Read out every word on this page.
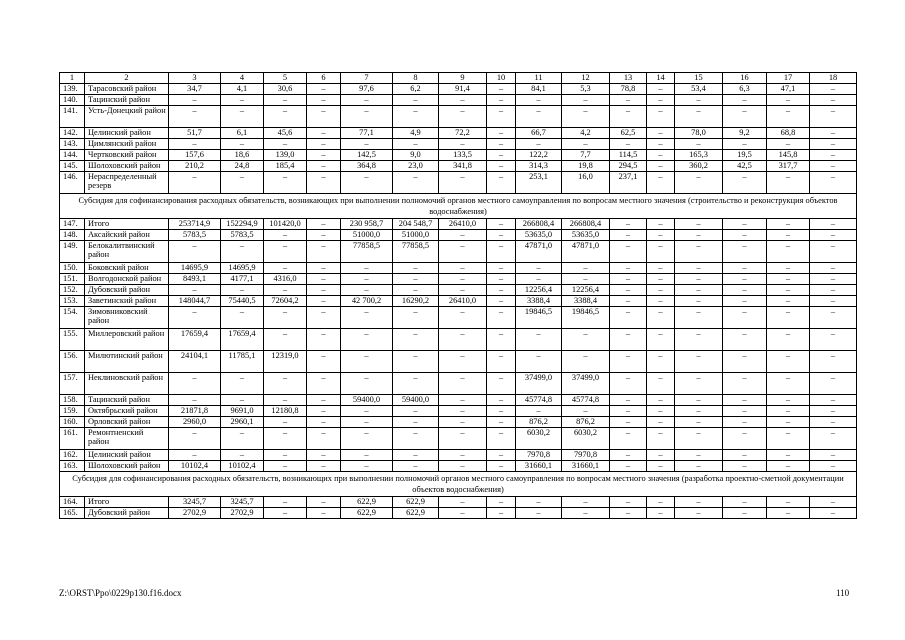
1	2	3	4	5	6	7	8	9	10	11	12	13	14	15	16	17	18
139.	Тарасовский район	34,7	4,1	30,6	–	97,6	6,2	91,4	–	84,1	5,3	78,8	–	53,4	6,3	47,1	–
140.	Тацинский район	–	–	–	–	–	–	–	–	–	–	–	–	–	–	–	–
141.	Усть-Донецкий район	–	–	–	–	–	–	–	–	–	–	–	–	–	–	–	–
142.	Целинский район	51,7	6,1	45,6	–	77,1	4,9	72,2	–	66,7	4,2	62,5	–	78,0	9,2	68,8	–
143.	Цимлянский район	–	–	–	–	–	–	–	–	–	–	–	–	–	–	–	–
144.	Чертковский район	157,6	18,6	139,0	–	142,5	9,0	133,5	–	122,2	7,7	114,5	–	165,3	19,5	145,8	–
145.	Шолоховский район	210,2	24,8	185,4	–	364,8	23,0	341,8	–	314,3	19,8	294,5	–	360,2	42,5	317,7	–
146.	Нераспределенный резерв	–	–	–	–	–	–	–	–	253,1	16,0	237,1	–	–	–	–	–
Субсидия для софинансирования расходных обязательств, возникающих при выполнении полномочий органов местного самоуправления по вопросам местного значения (строительство и реконструкция объектов водоснабжения)																	
147.	Итого	253714,9	152294,9	101420,0	–	230 958,7	204 548,7	26410,0	–	266808,4	266808,4	–	–	–	–	–	–
148.	Аксайский район	5783,5	5783,5	–	–	51000,0	51000,0	–	–	53635,0	53635,0	–	–	–	–	–	–
149.	Белокалитвинский район	–	–	–	–	77858,5	77858,5	–	–	47871,0	47871,0	–	–	–	–	–	–
150.	Боковский район	14695,9	14695,9	–	–	–	–	–	–	–	–	–	–	–	–	–	–
151.	Волгодонской район	8493,1	4177,1	4316,0	–	–	–	–	–	–	–	–	–	–	–	–	–
152.	Дубовский район	–	–	–	–	–	–	–	–	12256,4	12256,4	–	–	–	–	–	–
153.	Заветинский район	148044,7	75440,5	72604,2	–	42 700,2	16290,2	26410,0	–	3388,4	3388,4	–	–	–	–	–	–
154.	Зимовниковский район	–	–	–	–	–	–	–	–	19846,5	19846,5	–	–	–	–	–	–
155.	Миллеровский район	17659,4	17659,4	–	–	–	–	–	–	–	–	–	–	–	–	–	–
156.	Милютинский район	24104,1	11785,1	12319,0	–	–	–	–	–	–	–	–	–	–	–	–	–
157.	Неклиновский район	–	–	–	–	–	–	–	–	37499,0	37499,0	–	–	–	–	–	–
158.	Тацинский район	–	–	–	–	59400,0	59400,0	–	–	45774,8	45774,8	–	–	–	–	–	–
159.	Октябрьский район	21871,8	9691,0	12180,8	–	–	–	–	–	–	–	–	–	–	–	–	–
160.	Орловский район	2960,0	2960,1	–	–	–	–	–	–	876,2	876,2	–	–	–	–	–	–
161.	Ремонтненский район	–	–	–	–	–	–	–	–	6030,2	6030,2	–	–	–	–	–	–
162.	Целинский район	–	–	–	–	–	–	–	–	7970,8	7970,8	–	–	–	–	–	–
163.	Шолоховский район	10102,4	10102,4	–	–	–	–	–	–	31660,1	31660,1	–	–	–	–	–	–
Субсидия для софинансирования расходных обязательств, возникающих при выполнении полномочий органов местного самоуправления по вопросам местного значения (разработка проектно-сметной документации объектов водоснабжения)																	
164.	Итого	3245,7	3245,7	–	–	622,9	622,9	–	–	–	–	–	–	–	–	–	–
165.	Дубовский район	2702,9	2702,9	–	–	622,9	622,9	–	–	–	–	–	–	–	–	–	–
Z:\ORST\Ppo\0229p130.f16.docx	110
